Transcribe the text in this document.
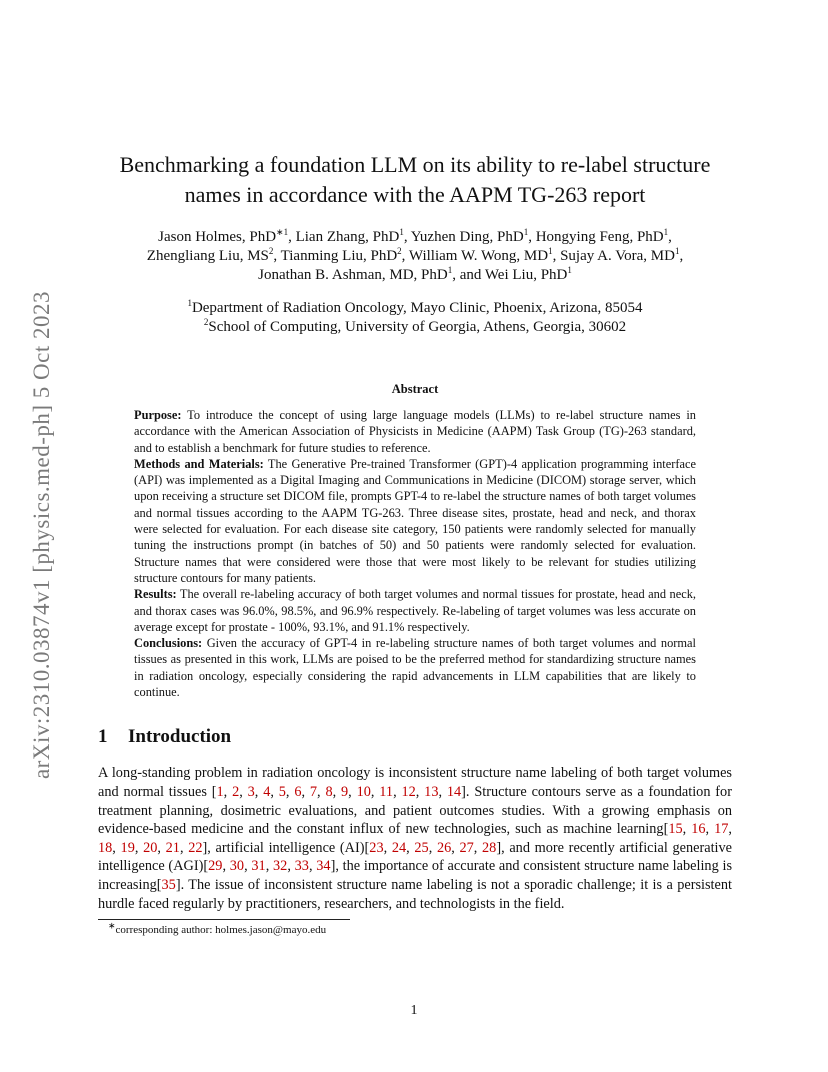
arXiv:2310.03874v1 [physics.med-ph] 5 Oct 2023
Benchmarking a foundation LLM on its ability to re-label structure
names in accordance with the AAPM TG-263 report
Jason Holmes, PhD$^{∗1}$, Lian Zhang, PhD$^1$, Yuzhen Ding, PhD$^1$, Hongying Feng, PhD$^1$,
Zhengliang Liu, $MS^2$, Tianming Liu, PhD$^2$, William W. Wong, $MD^1$, Sujay A. Vora, $MD^1$,
Jonathan B. Ashman, MD, PhD$^1$, and Wei Liu, PhD$^1$
$^1$Department of Radiation Oncology, Mayo Clinic, Phoenix, Arizona, 85054
$^2$School of Computing, University of Georgia, Athens, Georgia, 30602
Abstract

Purpose: To introduce the concept of using large language models (LLMs) to re-label structure names in accordance with the American Association of Physicists in Medicine (AAPM) Task Group (TG)-263 standard, and to establish a benchmark for future studies to reference.

Methods and Materials: The Generative Pre-trained Transformer (GPT)-4 application programming interface (API) was implemented as a Digital Imaging and Communications in Medicine (DICOM) storage server, which upon receiving a structure set DICOM file, prompts GPT-4 to re-label the structure names of both target volumes and normal tissues according to the AAPM TG-263. Three disease sites, prostate, head and neck, and thorax were selected for evaluation. For each disease site category, 150 patients were randomly selected for manually tuning the instructions prompt (in batches of 50) and 50 patients were randomly selected for evaluation. Structure names that were considered were those that were most likely to be relevant for studies utilizing structure contours for many patients.

Results: The overall re-labeling accuracy of both target volumes and normal tissues for prostate, head and neck, and thorax cases was 96.0%, 98.5%, and 96.9% respectively. Re-labeling of target volumes was less accurate on average except for prostate - 100%, 93.1%, and 91.1% respectively.

Conclusions: Given the accuracy of GPT-4 in re-labeling structure names of both target volumes and normal tissues as presented in this work, LLMs are poised to be the preferred method for standardizing structure names in radiation oncology, especially considering the rapid advancements in LLM capabilities that are likely to continue.

1 Introduction
A long-standing problem in radiation oncology is inconsistent structure name labeling of both target volumes and normal tissues [1, 2, 3, 4, 5, 6, 7, 8, 9, 10, 11, 12, 13, 14]. Structure contours serve as a foundation for treatment planning, dosimetric evaluations, and patient outcomes studies. With a growing emphasis on evidence-based medicine and the constant influx of new technologies, such as machine learning[15, 16, 17, 18, 19, 20, 21, 22], artificial intelligence (AI)[23, 24, 25, 26, 27, 28], and more recently artificial generative intelligence (AGI)[29, 30, 31, 32, 33, 34], the importance of accurate and consistent structure name labeling is increasing[35]. The issue of inconsistent structure name labeling is not a sporadic challenge; it is a persistent hurdle faced regularly by practitioners, researchers, and technologists in the field.
∗corresponding author: holmes.jason@mayo.edu
1
